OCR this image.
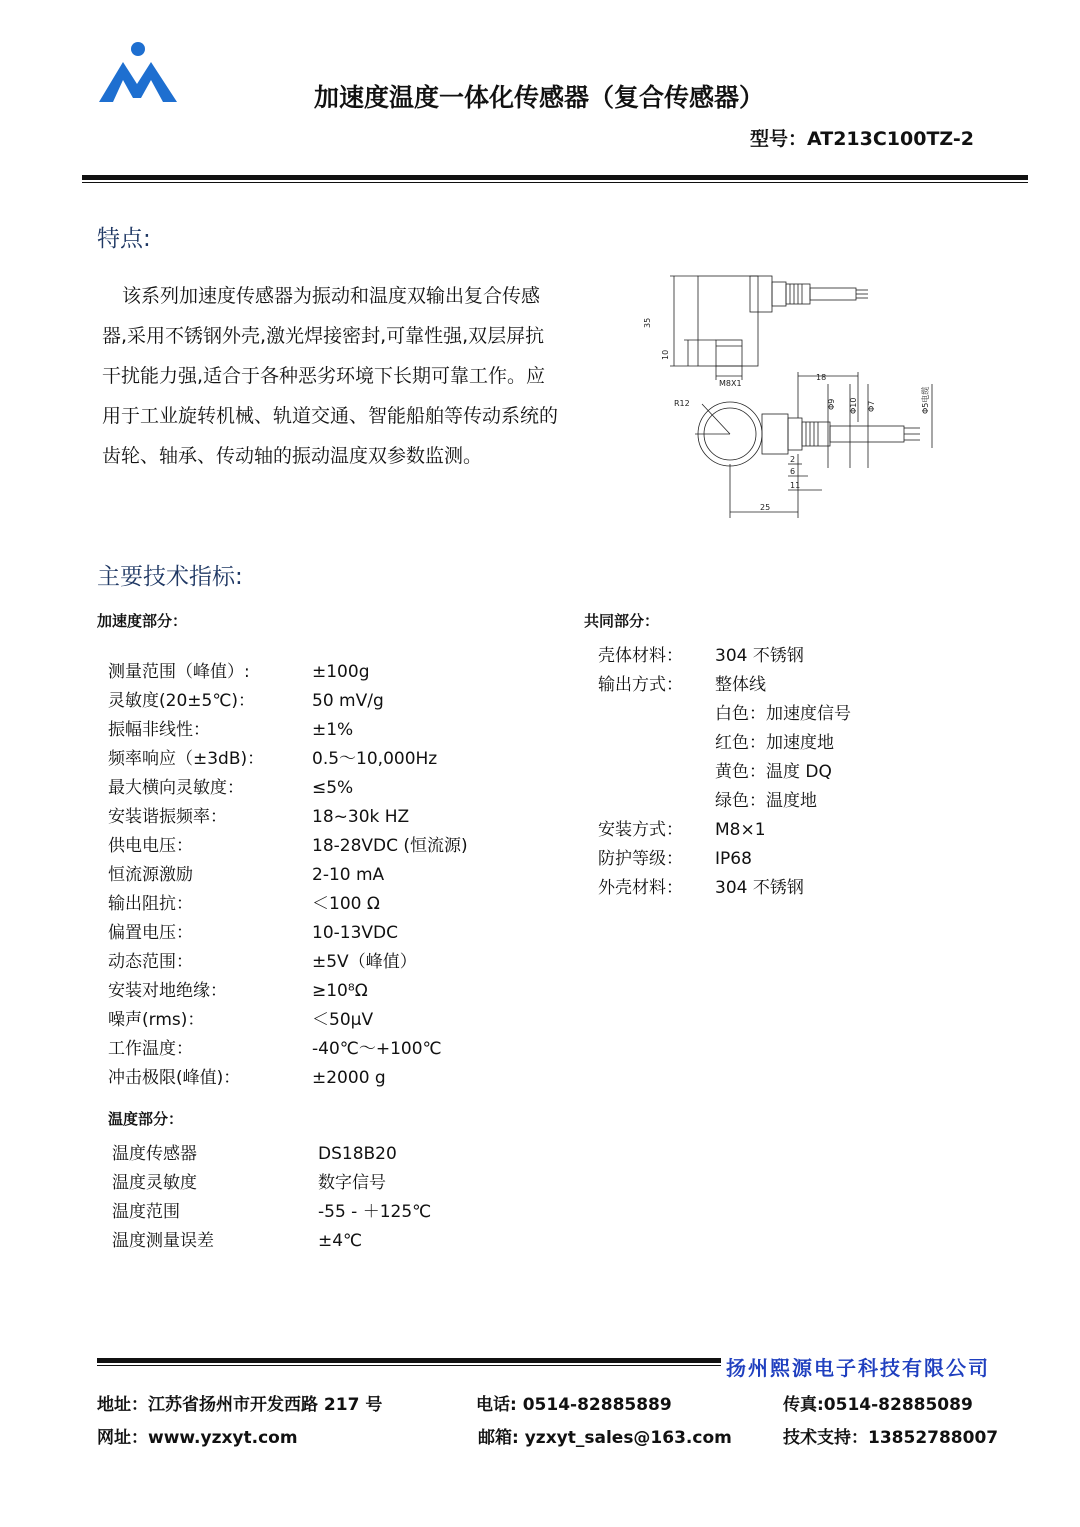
加速度温度一体化传感器（复合传感器）
型号：AT213C100TZ-2
特点:
该系列加速度传感器为振动和温度双输出复合传感器,采用不锈钢外壳,激光焊接密封,可靠性强,双层屏抗干扰能力强,适合于各种恶劣环境下长期可靠工作。应用于工业旋转机械、轨道交通、智能船舶等传动系统的齿轮、轴承、传动轴的振动温度双参数监测。
35
10
M8X1
18
R12	Φ9 Φ10 Φ7	Φ5电缆
2
6
11
25
主要技术指标:
加速度部分：
测量范围（峰值）:	±100g
灵敏度(20±5℃)：	50 mV/g
振幅非线性：	±1%
频率响应（±3dB)：	0.5～10,000Hz
最大横向灵敏度：	≤5%
安装谐振频率：	18~30k HZ
供电电压：	18-28VDC (恒流源)
恒流源激励	2-10 mA
输出阻抗：	＜100 Ω
偏置电压：	10-13VDC
动态范围：	±5V（峰值）
安装对地绝缘：	≥10⁸Ω
噪声(rms)：	＜50μV
工作温度：	-40℃～+100℃
冲击极限(峰值)：	±2000 g
温度部分：
温度传感器	DS18B20
温度灵敏度	数字信号
温度范围	-55 - ＋125℃
温度测量误差	±4℃
共同部分：
壳体材料： 304 不锈钢
输出方式： 整体线
白色：加速度信号
红色：加速度地
黄色：温度 DQ
绿色：温度地
安装方式： M8×1
防护等级： IP68
外壳材料： 304 不锈钢
扬州熙源电子科技有限公司
地址：江苏省扬州市开发西路 217 号	电话: 0514-82885889	传真:0514-82885089
网址：www.yzxyt.com	邮箱: yzxyt_sales@163.com	技术支持：13852788007
